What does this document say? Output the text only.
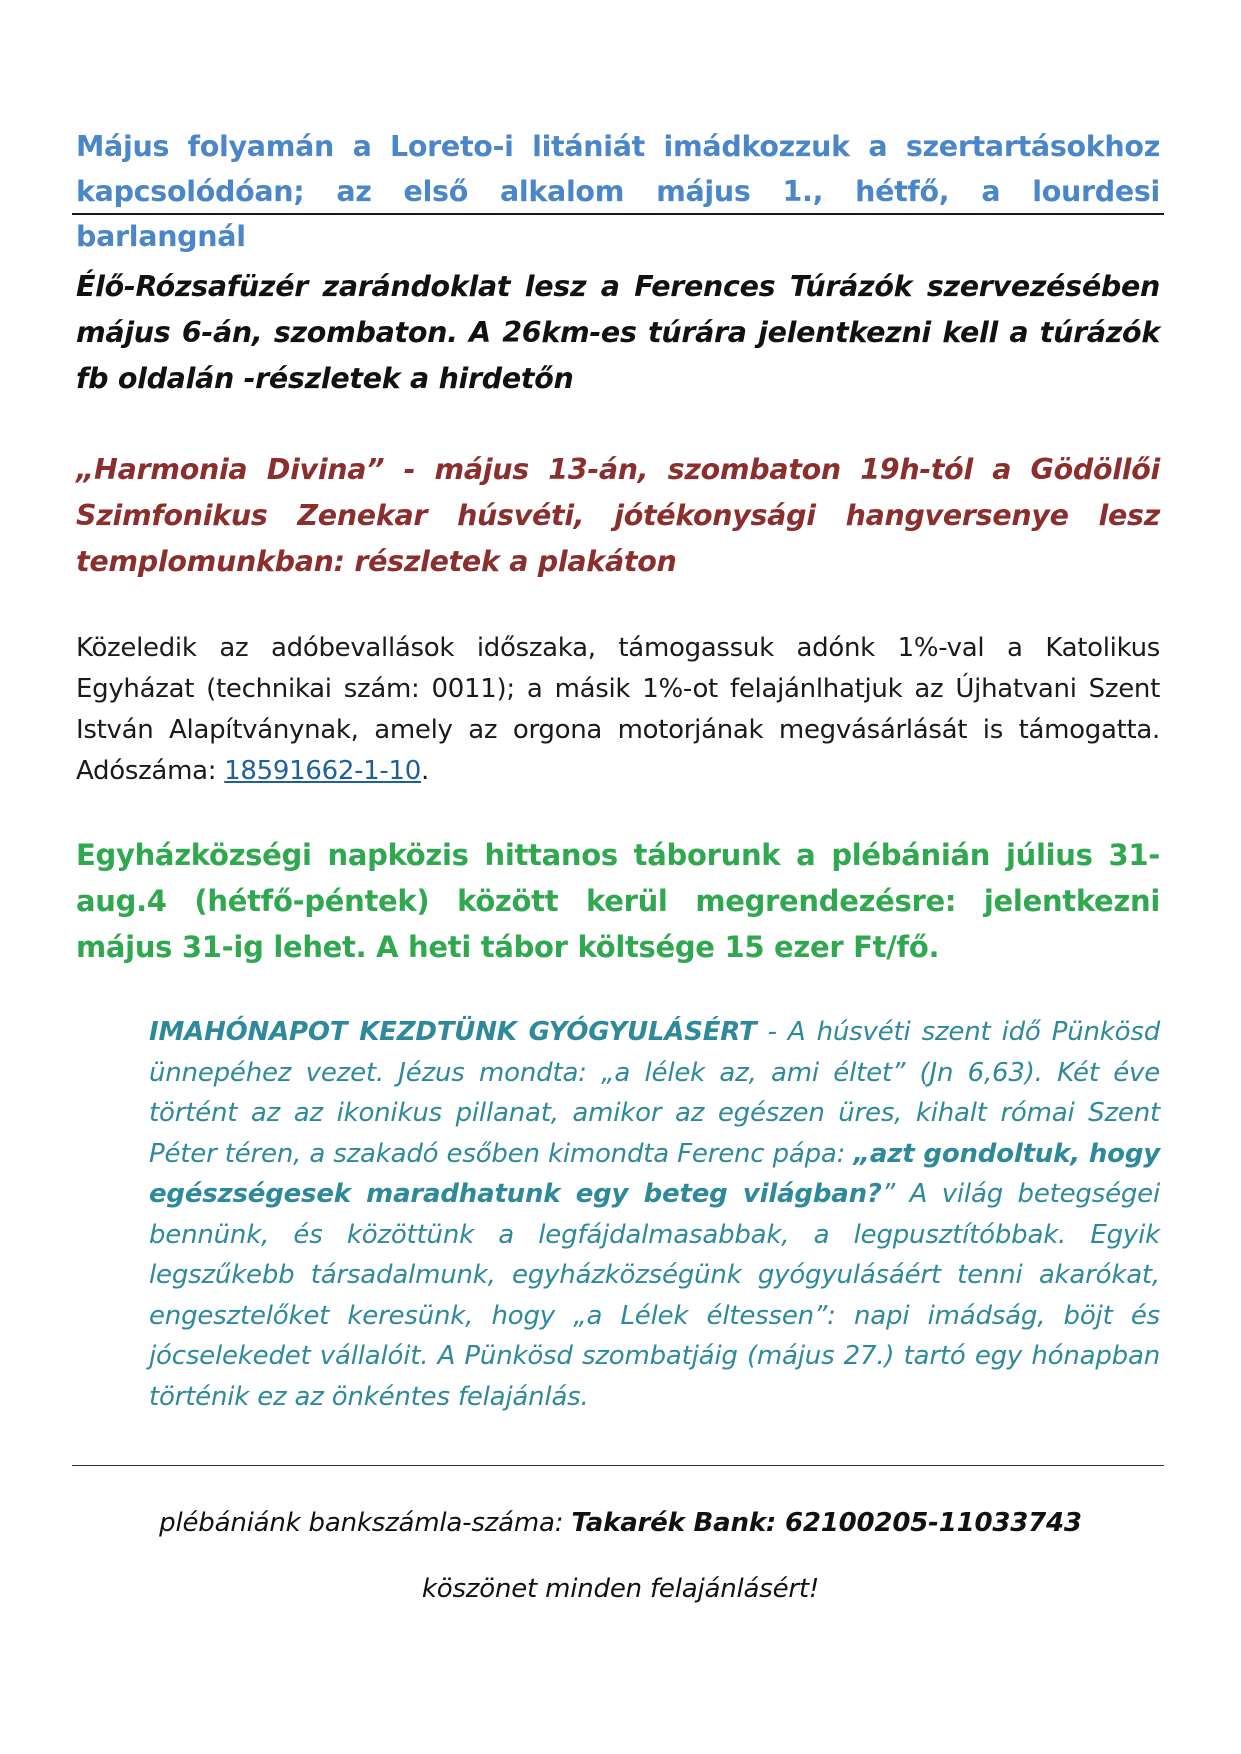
Május folyamán a Loreto-i litániát imádkozzuk a szertartásokhoz kapcsolódóan; az első alkalom május 1., hétfő, a lourdesi barlangnál

Élő-Rózsafüzér zarándoklat lesz a Ferences Túrázók szervezésében május 6-án, szombaton. A 26km-es túrára jelentkezni kell a túrázók fb oldalán -részletek a hirdetőn

„Harmonia Divina” - május 13-án, szombaton 19h-tól a Gödöllői Szimfonikus Zenekar húsvéti, jótékonysági hangversenye lesz templomunkban: részletek a plakáton

Közeledik az adóbevallások időszaka, támogassuk adónk 1%-val a Katolikus Egyházat (technikai szám: 0011); a másik 1%-ot felajánlhatjuk az Újhatvani Szent István Alapítványnak, amely az orgona motorjának megvásárlását is támogatta. Adószáma: 18591662-1-10.

Egyházközségi napközis hittanos táborunk a plébánián július 31-aug.4 (hétfő-péntek) között kerül megrendezésre: jelentkezni május 31-ig lehet. A heti tábor költsége 15 ezer Ft/fő.

IMAHÓNAPOT KEZDTÜNK GYÓGYULÁSÉRT - A húsvéti szent idő Pünkösd ünnepéhez vezet. Jézus mondta: „a lélek az, ami éltet” (Jn 6,63). Két éve történt az az ikonikus pillanat, amikor az egészen üres, kihalt római Szent Péter téren, a szakadó esőben kimondta Ferenc pápa: „azt gondoltuk, hogy egészségesek maradhatunk egy beteg világban?” A világ betegségei bennünk, és közöttünk a legfájdalmasabbak, a legpusztítóbbak. Egyik legszűkebb társadalmunk, egyházközségünk gyógyulásáért tenni akarókat, engesztelőket keresünk, hogy „a Lélek éltessen”: napi imádság, böjt és jócselekedet vállalóit. A Pünkösd szombatjáig (május 27.) tartó egy hónapban történik ez az önkéntes felajánlás.

plébániánk bankszámla-száma: Takarék Bank: 62100205-11033743
köszönet minden felajánlásért!
